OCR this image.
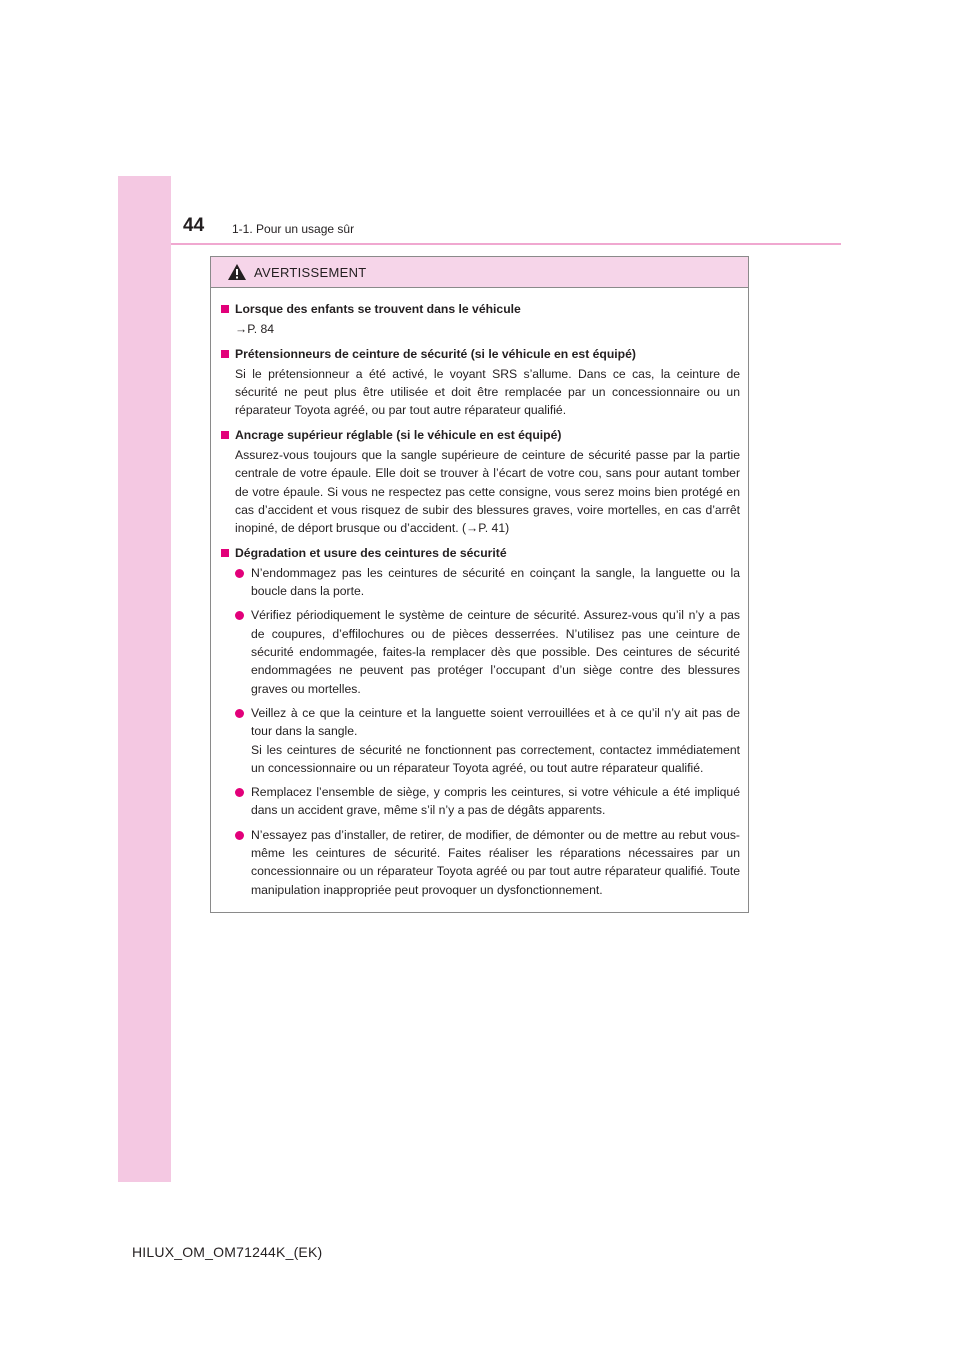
44 1-1. Pour un usage sûr
AVERTISSEMENT
Lorsque des enfants se trouvent dans le véhicule
→P. 84
Prétensionneurs de ceinture de sécurité (si le véhicule en est équipé)
Si le prétensionneur a été activé, le voyant SRS s’allume. Dans ce cas, la ceinture de sécurité ne peut plus être utilisée et doit être remplacée par un concessionnaire ou un réparateur Toyota agréé, ou par tout autre réparateur qualifié.
Ancrage supérieur réglable (si le véhicule en est équipé)
Assurez-vous toujours que la sangle supérieure de ceinture de sécurité passe par la partie centrale de votre épaule. Elle doit se trouver à l’écart de votre cou, sans pour autant tomber de votre épaule. Si vous ne respectez pas cette consigne, vous serez moins bien protégé en cas d’accident et vous risquez de subir des blessures graves, voire mortelles, en cas d’arrêt inopiné, de déport brusque ou d’accident. (→P. 41)
Dégradation et usure des ceintures de sécurité
N’endommagez pas les ceintures de sécurité en coinçant la sangle, la languette ou la boucle dans la porte.
Vérifiez périodiquement le système de ceinture de sécurité. Assurez-vous qu’il n’y a pas de coupures, d’effilochures ou de pièces desserrées. N’utilisez pas une ceinture de sécurité endommagée, faites-la remplacer dès que possible. Des ceintures de sécurité endommagées ne peuvent pas protéger l’occupant d’un siège contre des blessures graves ou mortelles.
Veillez à ce que la ceinture et la languette soient verrouillées et à ce qu’il n’y ait pas de tour dans la sangle.
Si les ceintures de sécurité ne fonctionnent pas correctement, contactez immédiatement un concessionnaire ou un réparateur Toyota agréé, ou tout autre réparateur qualifié.
Remplacez l’ensemble de siège, y compris les ceintures, si votre véhicule a été impliqué dans un accident grave, même s’il n’y a pas de dégâts apparents.
N’essayez pas d’installer, de retirer, de modifier, de démonter ou de mettre au rebut vous-même les ceintures de sécurité. Faites réaliser les réparations nécessaires par un concessionnaire ou un réparateur Toyota agréé ou par tout autre réparateur qualifié. Toute manipulation inappropriée peut provoquer un dysfonctionnement.
HILUX_OM_OM71244K_(EK)
